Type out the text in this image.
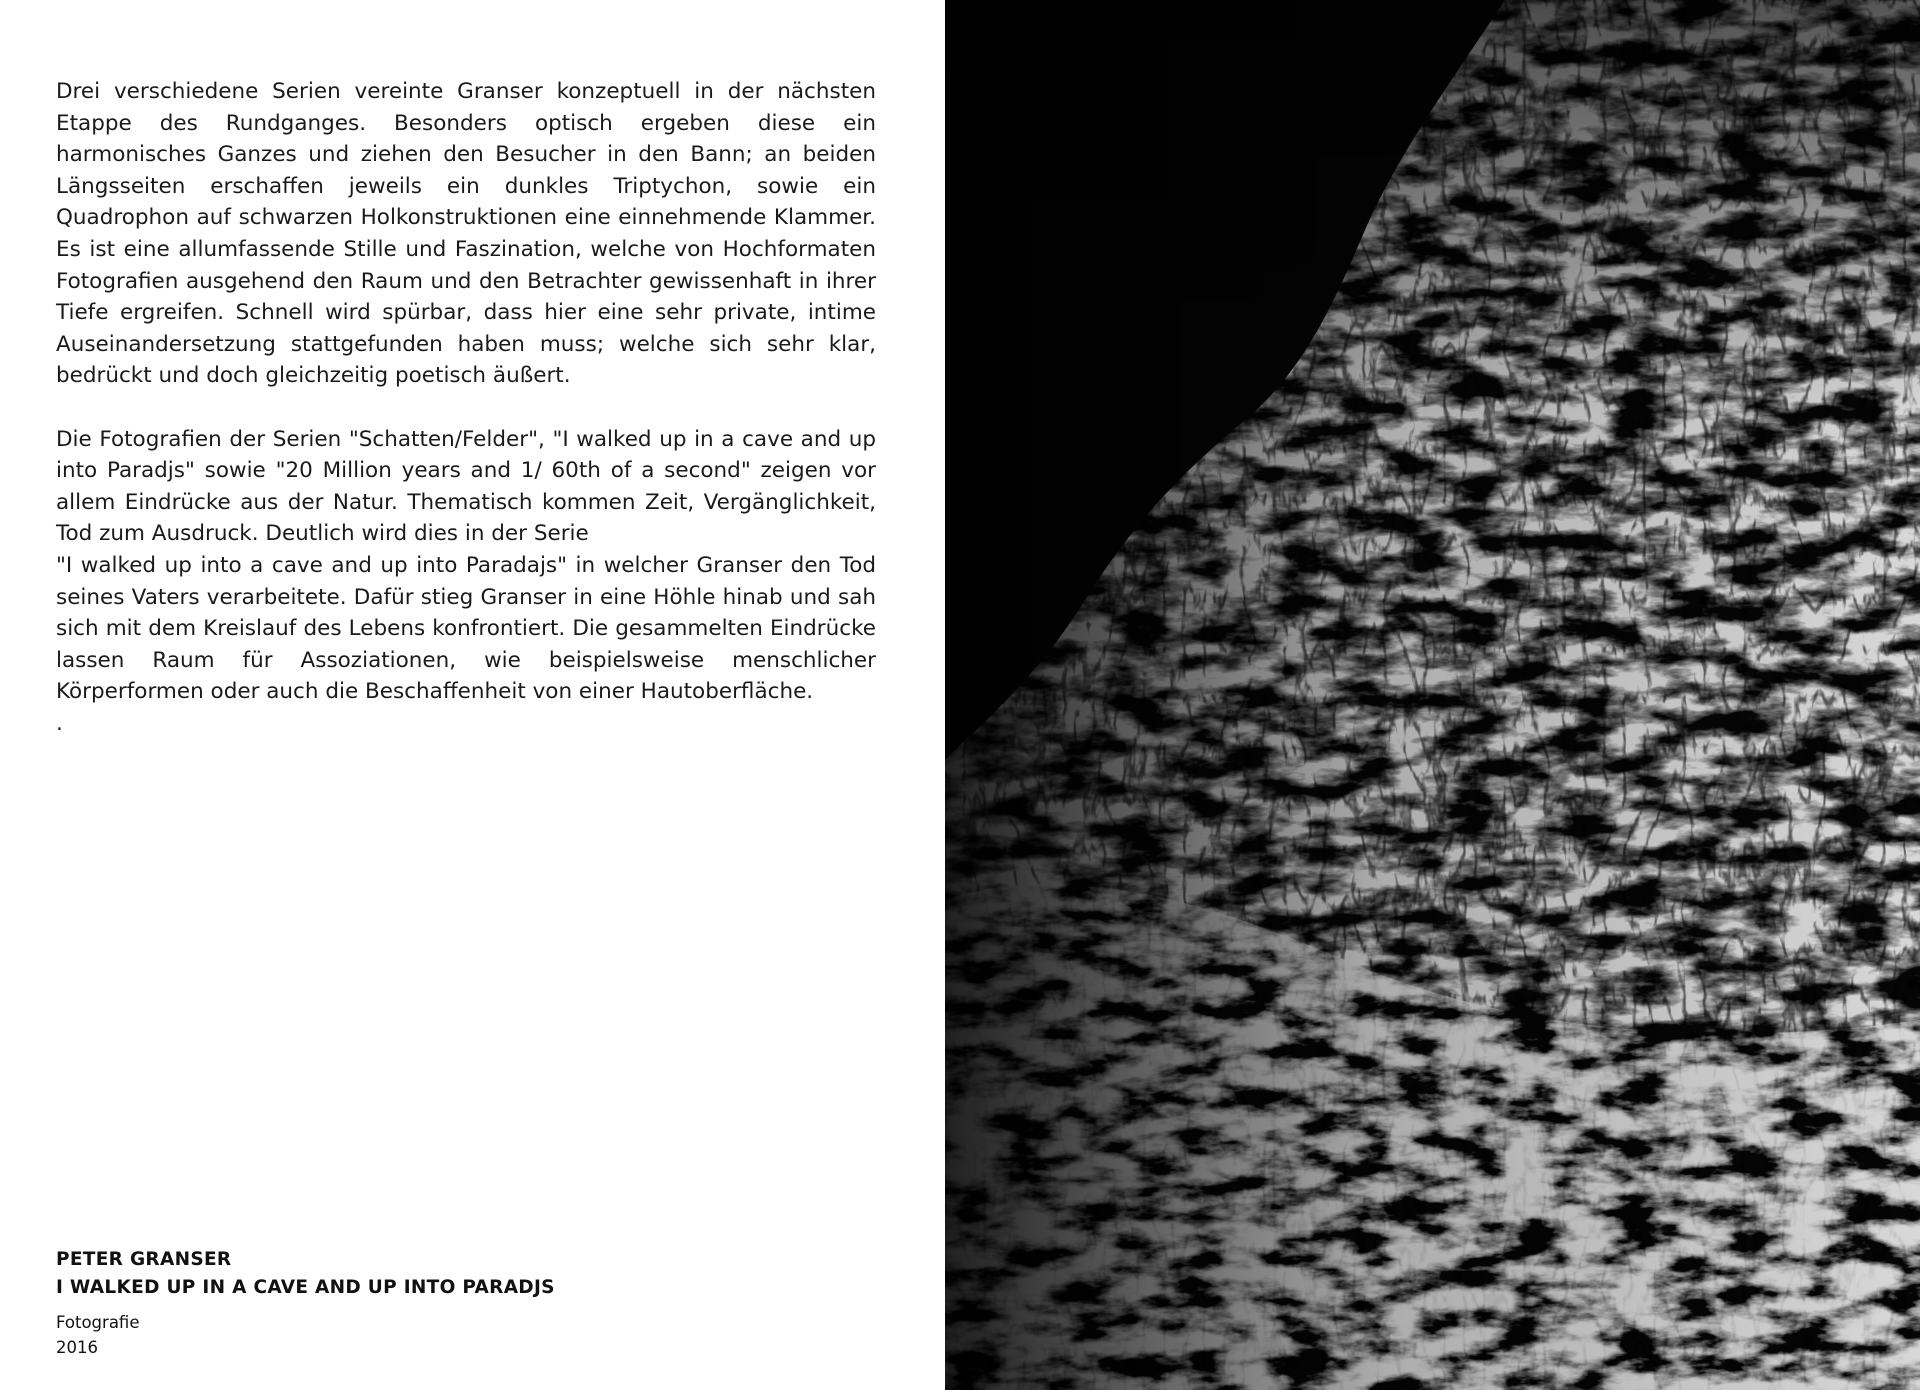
Drei verschiedene Serien vereinte Granser konzeptuell in der nächsten Etappe des Rundganges. Besonders optisch ergeben diese ein harmonisches Ganzes und ziehen den Besucher in den Bann; an beiden Längsseiten erschaffen jeweils ein dunkles Triptychon, sowie ein Quadrophon auf schwarzen Holkonstruktionen eine einnehmende Klammer. Es ist eine allumfassende Stille und Faszination, welche von Hochformaten Fotografien ausgehend den Raum und den Betrachter gewissenhaft in ihrer Tiefe ergreifen. Schnell wird spürbar, dass hier eine sehr private, intime Auseinandersetzung stattgefunden haben muss; welche sich sehr klar, bedrückt und doch gleichzeitig poetisch äußert.

Die Fotografien der Serien "Schatten/Felder", "I walked up in a cave and up into Paradjs" sowie "20 Million years and 1/ 60th of a second" zeigen vor allem Eindrücke aus der Natur. Thematisch kommen Zeit, Vergänglichkeit, Tod zum Ausdruck. Deutlich wird dies in der Serie
"I walked up into a cave and up into Paradajs" in welcher Granser den Tod seines Vaters verarbeitete. Dafür stieg Granser in eine Höhle hinab und sah sich mit dem Kreislauf des Lebens konfrontiert. Die gesammelten Eindrücke lassen Raum für Assoziationen, wie beispielsweise menschlicher Körperformen oder auch die Beschaffenheit von einer Hautoberfläche.

.
PETER GRANSER
I WALKED UP IN A CAVE AND UP INTO PARADJS
Fotografie
2016
